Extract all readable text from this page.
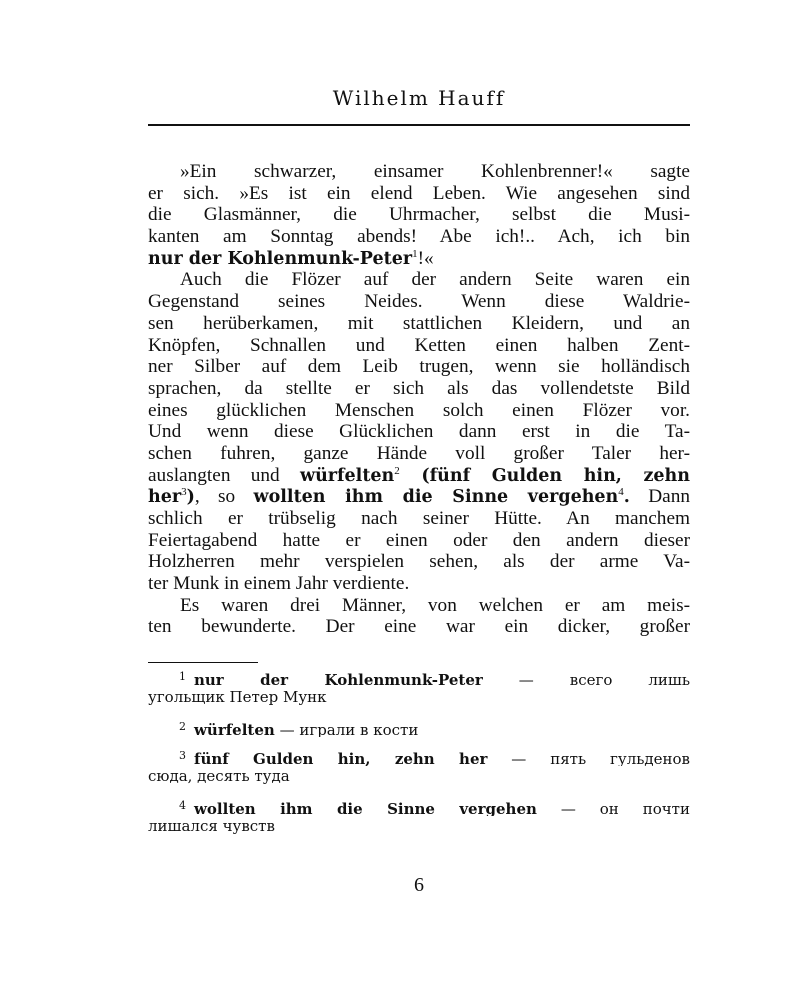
Wilhelm Hauff
»Ein schwarzer, einsamer Kohlenbrenner!« sagte
er sich. »Es ist ein elend Leben. Wie angesehen sind
die Glasmänner, die Uhrmacher, selbst die Musi-
kanten am Sonntag abends! Abe ich!.. Ach, ich bin
nur der Kohlenmunk-Peter$^1$!«
Auch die Flözer auf der andern Seite waren ein
Gegenstand seines Neides. Wenn diese Waldrie-
sen herüberkamen, mit stattlichen Kleidern, und an
Knöpfen, Schnallen und Ketten einen halben Zent-
ner Silber auf dem Leib trugen, wenn sie holländisch
sprachen, da stellte er sich als das vollendetste Bild
eines glücklichen Menschen solch einen Flözer vor.
Und wenn diese Glücklichen dann erst in die Ta-
schen fuhren, ganze Hände voll großer Taler her-
auslangten und würfelten$^2$ (fünf Gulden hin, zehn
her$^3$), so wollten ihm die Sinne vergehen$^4$. Dann
schlich er trübselig nach seiner Hütte. An manchem
Feiertagabend hatte er einen oder den andern dieser
Holzherren mehr verspielen sehen, als der arme Va-
ter Munk in einem Jahr verdiente.
Es waren drei Männer, von welchen er am meis-
ten bewunderte. Der eine war ein dicker, großer
$^1$ nur der Kohlenmunk-Peter — всего лишь
угольщик Петер Мунк
$^2$ würfelten — играли в кости
$^3$ fünf Gulden hin, zehn her — пять гульденов
сюда, десять туда
$^4$ wollten ihm die Sinne vergehen — он почти
лишался чувств
6
